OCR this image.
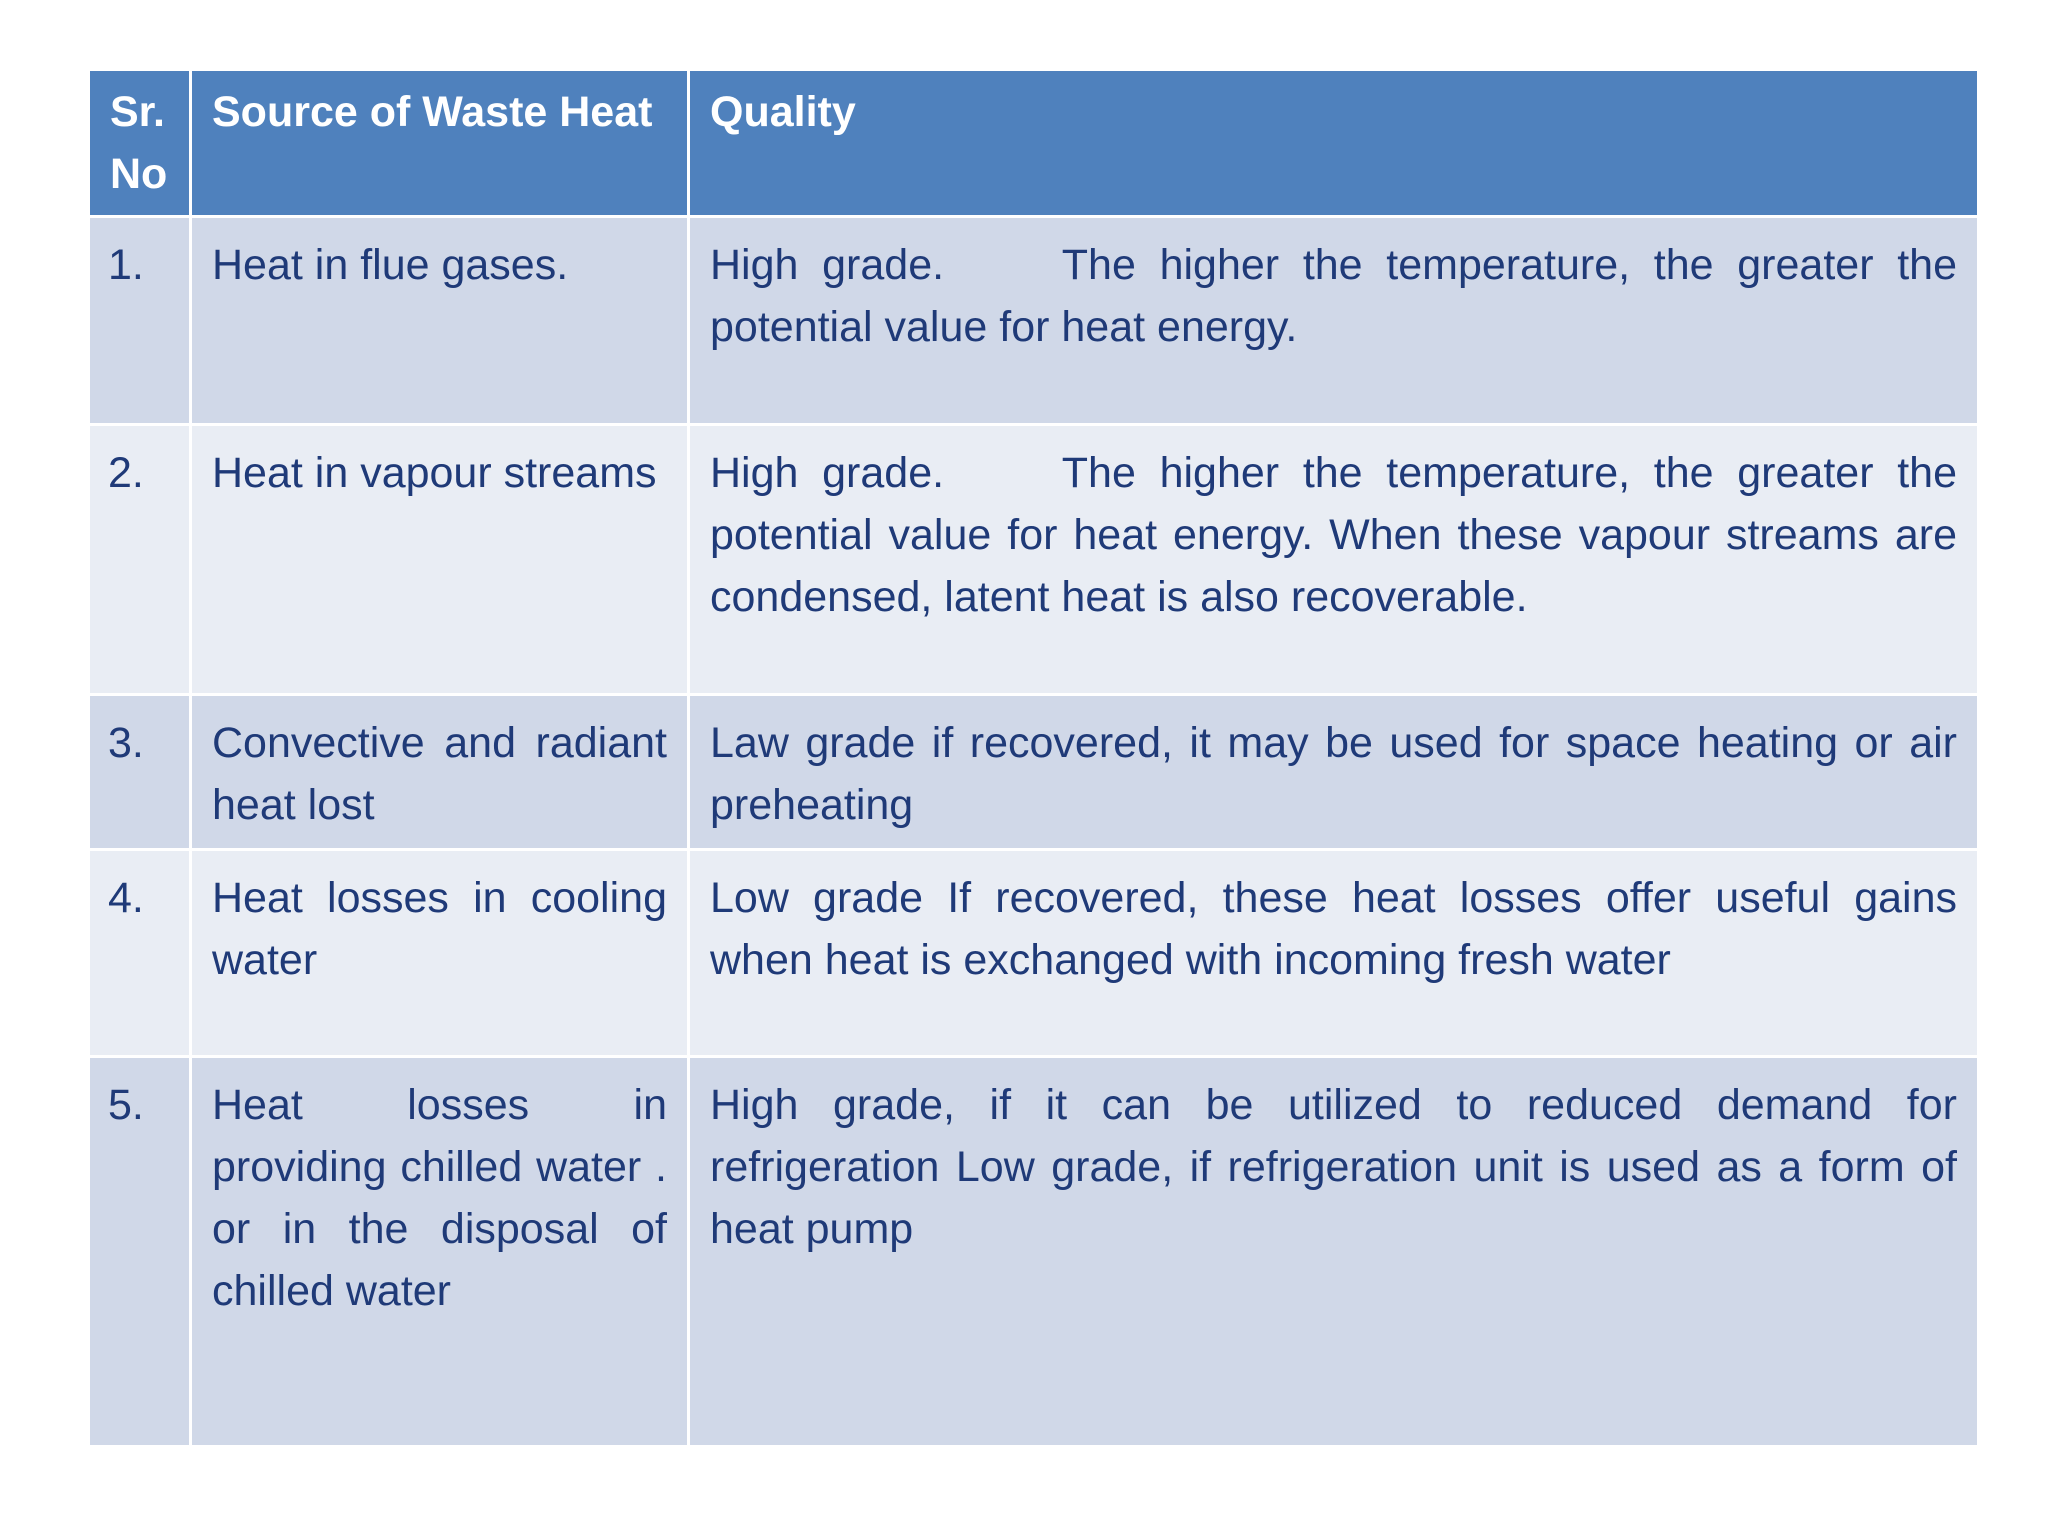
Sr. No	Source of Waste Heat	Quality
1.	Heat in flue gases.	High grade.     The higher the temperature, the greater the potential value for heat energy.
2.	Heat in vapour streams	High grade.     The higher the temperature, the greater the potential value for heat energy. When these vapour streams are condensed, latent heat is also recoverable.
3.	Convective and radiant heat lost	Law grade if recovered, it may be used for space heating or air preheating
4.	Heat losses in cooling water	Low grade If recovered, these heat losses offer useful gains when heat is exchanged with incoming fresh water
5.	Heat losses in providing chilled water . or in the disposal of chilled water	High grade, if it can be utilized to reduced demand for refrigeration Low grade, if refrigeration unit is used as a form of heat pump
